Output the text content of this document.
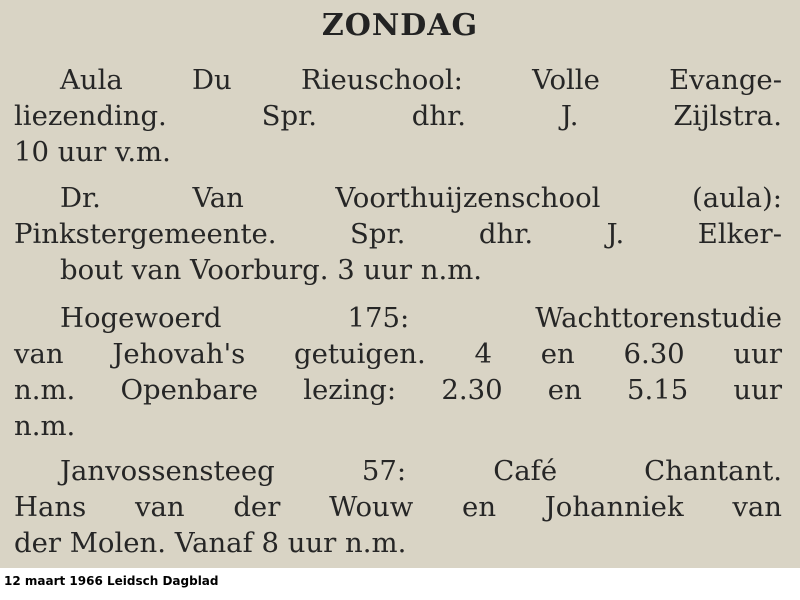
ZONDAG
Aula Du Rieuschool: Volle Evange-
liezending. Spr. dhr. J. Zijlstra.
10 uur v.m.
Dr. Van Voorthuijzenschool (aula):
Pinkstergemeente. Spr. dhr. J. Elker-
bout van Voorburg. 3 uur n.m.
Hogewoerd 175: Wachttorenstudie
van Jehovah's getuigen. 4 en 6.30 uur
n.m. Openbare lezing: 2.30 en 5.15 uur
n.m.
Janvossensteeg 57: Café Chantant.
Hans van der Wouw en Johanniek van
der Molen. Vanaf 8 uur n.m.
12 maart 1966 Leidsch Dagblad
